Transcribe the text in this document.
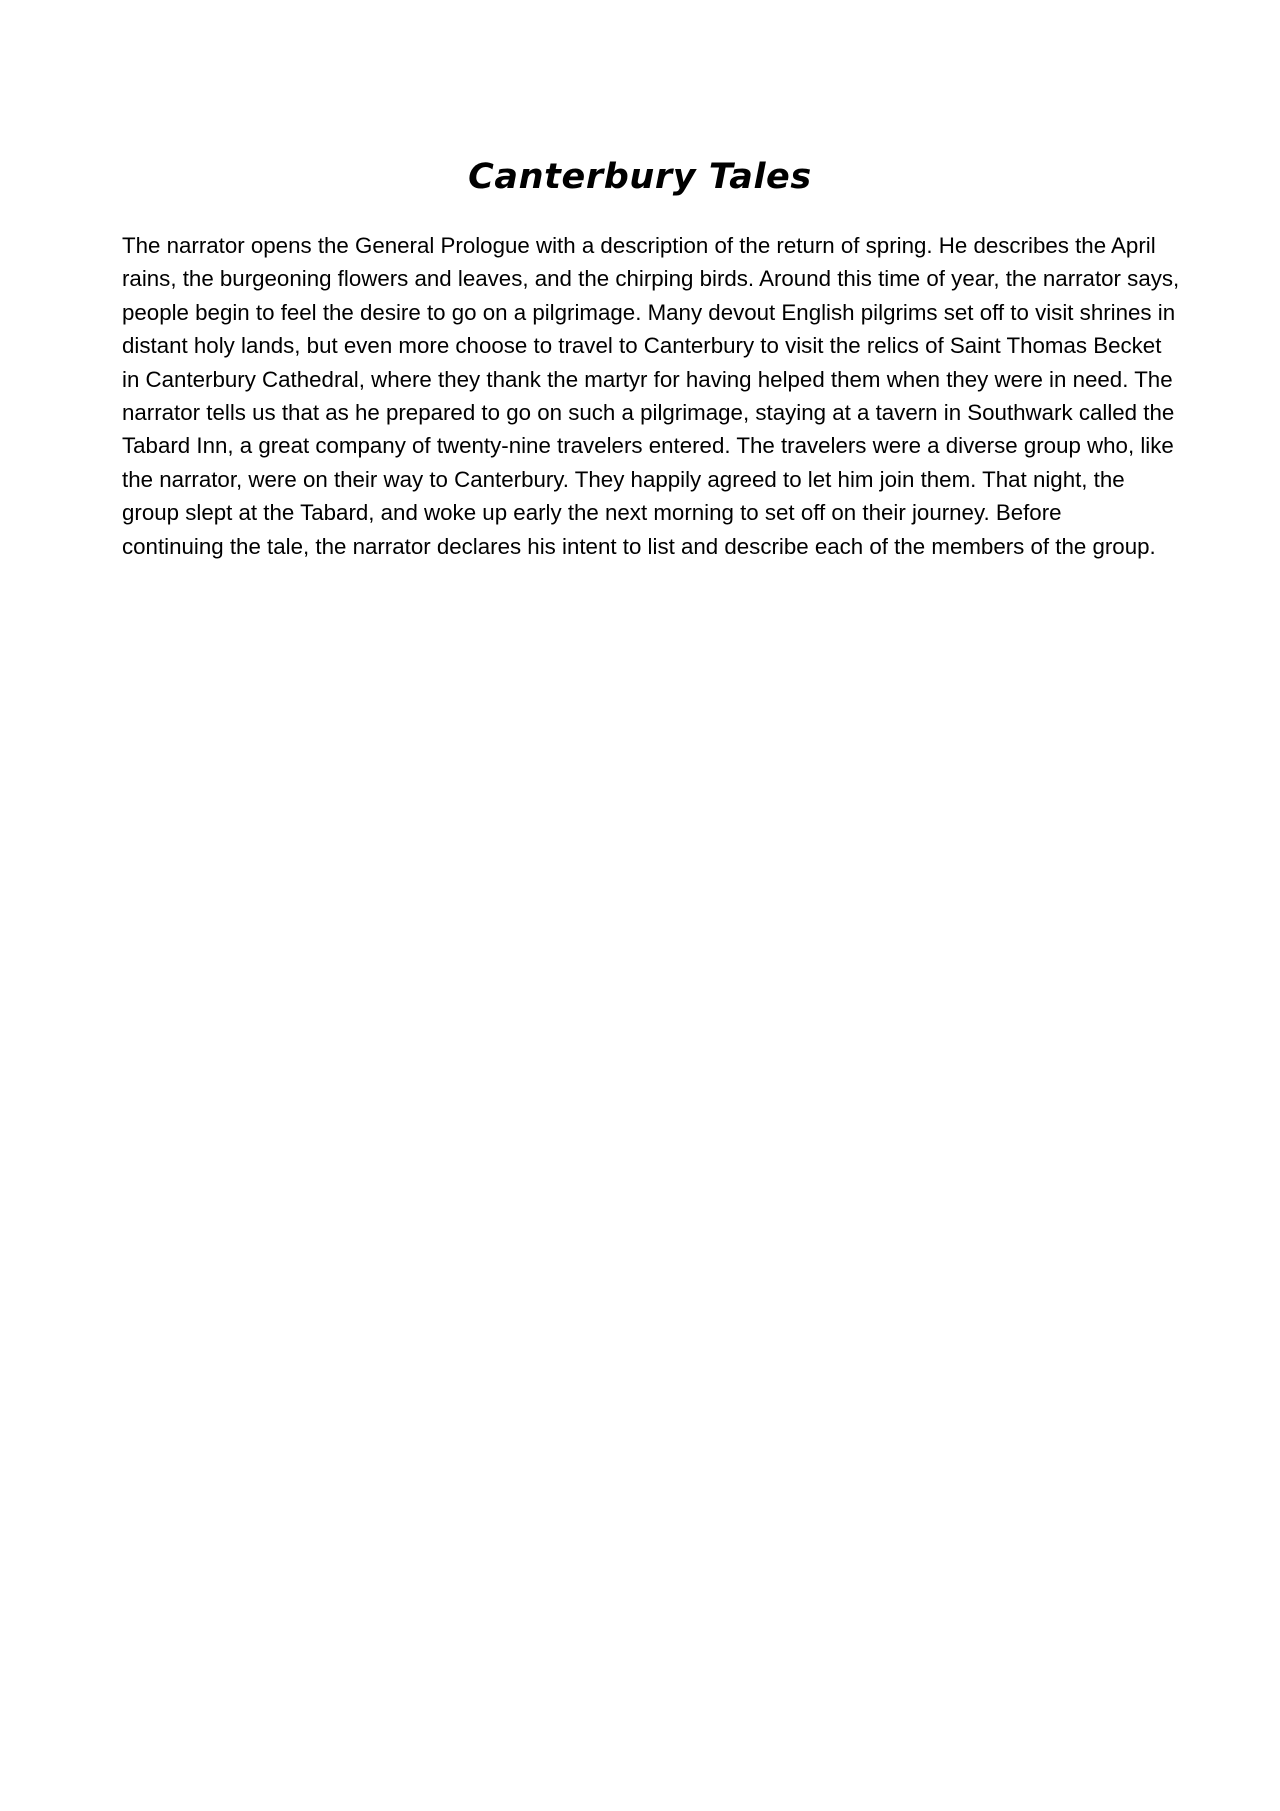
Canterbury Tales

The narrator opens the General Prologue with a description of the return of spring. He describes the April
rains, the burgeoning flowers and leaves, and the chirping birds. Around this time of year, the narrator says,
people begin to feel the desire to go on a pilgrimage. Many devout English pilgrims set off to visit shrines in
distant holy lands, but even more choose to travel to Canterbury to visit the relics of Saint Thomas Becket
in Canterbury Cathedral, where they thank the martyr for having helped them when they were in need. The
narrator tells us that as he prepared to go on such a pilgrimage, staying at a tavern in Southwark called the
Tabard Inn, a great company of twenty-nine travelers entered. The travelers were a diverse group who, like
the narrator, were on their way to Canterbury. They happily agreed to let him join them. That night, the
group slept at the Tabard, and woke up early the next morning to set off on their journey. Before
continuing the tale, the narrator declares his intent to list and describe each of the members of the group.
